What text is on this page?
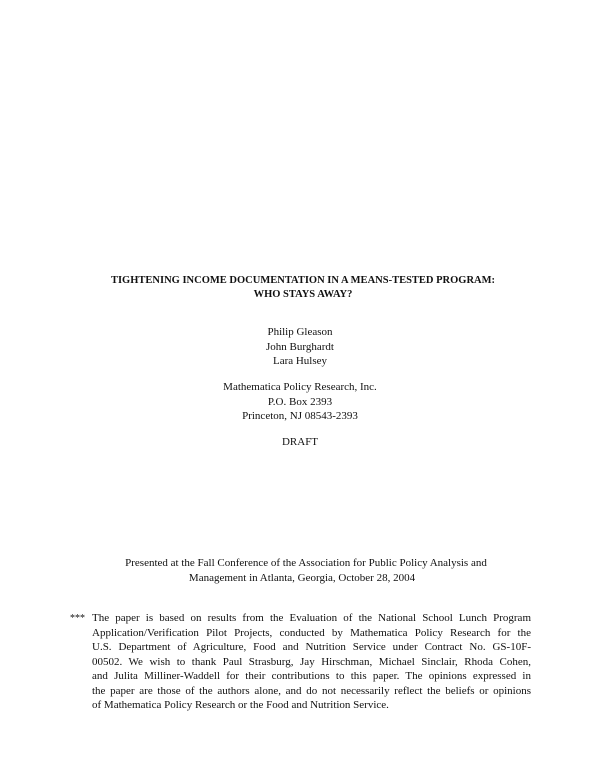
TIGHTENING INCOME DOCUMENTATION IN A MEANS-TESTED PROGRAM:
WHO STAYS AWAY?
Philip Gleason
John Burghardt
Lara Hulsey
Mathematica Policy Research, Inc.
P.O. Box 2393
Princeton, NJ 08543-2393
DRAFT
Presented at the Fall Conference of the Association for Public Policy Analysis and
Management in Atlanta, Georgia, October 28, 2004
*** The paper is based on results from the Evaluation of the National School Lunch Program
Application/Verification Pilot Projects, conducted by Mathematica Policy Research for the
U.S. Department of Agriculture, Food and Nutrition Service under Contract No. GS-10F-
00502. We wish to thank Paul Strasburg, Jay Hirschman, Michael Sinclair, Rhoda Cohen,
and Julita Milliner-Waddell for their contributions to this paper. The opinions expressed in
the paper are those of the authors alone, and do not necessarily reflect the beliefs or opinions
of Mathematica Policy Research or the Food and Nutrition Service.
